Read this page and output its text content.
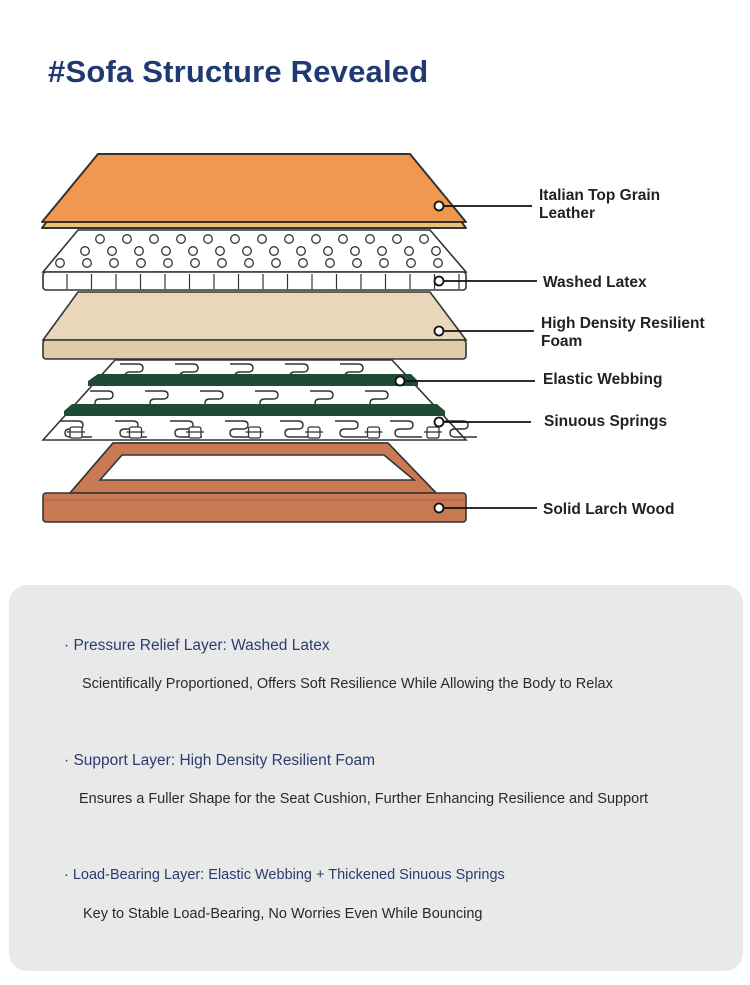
#Sofa Structure Revealed
Italian Top Grain
Leather
Washed Latex
High Density Resilient
Foam
Elastic Webbing
Sinuous Springs
Solid Larch Wood
· Pressure Relief Layer: Washed Latex
Scientifically Proportioned, Offers Soft Resilience While Allowing the Body to Relax
· Support Layer: High Density Resilient Foam
Ensures a Fuller Shape for the Seat Cushion, Further Enhancing Resilience and Support
· Load-Bearing Layer: Elastic Webbing + Thickened Sinuous Springs
Key to Stable Load-Bearing, No Worries Even While Bouncing
